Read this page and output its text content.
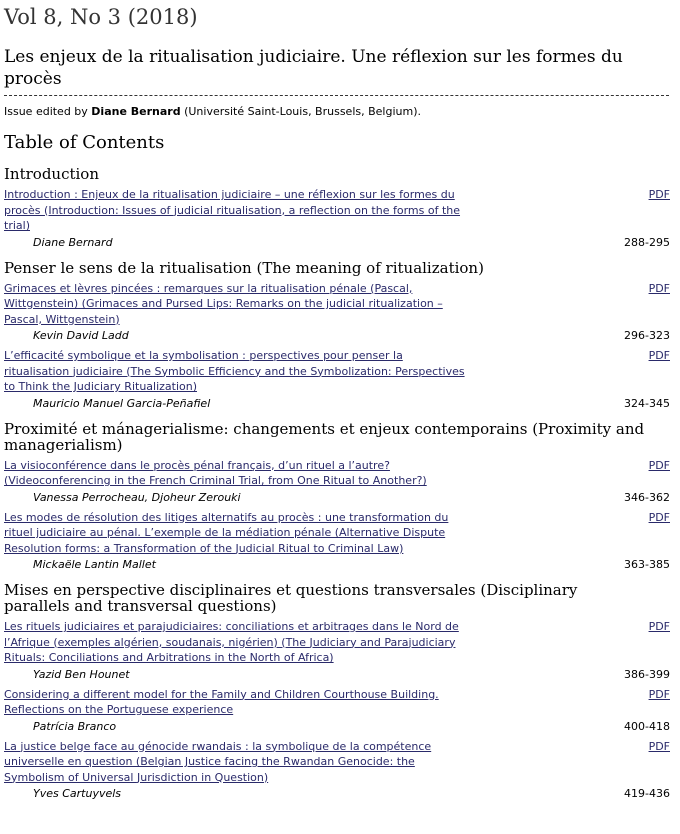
Vol 8, No 3 (2018)
Les enjeux de la ritualisation judiciaire. Une réflexion sur les formes du procès
Issue edited by Diane Bernard (Université Saint-Louis, Brussels, Belgium).
Table of Contents
Introduction
Introduction : Enjeux de la ritualisation judiciaire – une réflexion sur les formes du procès (Introduction: Issues of judicial ritualisation, a reflection on the forms of the trial)
PDF
Diane Bernard	288-295
Penser le sens de la ritualisation (The meaning of ritualization)
Grimaces et lèvres pincées : remarques sur la ritualisation pénale (Pascal, Wittgenstein) (Grimaces and Pursed Lips: Remarks on the judicial ritualization –Pascal, Wittgenstein)
PDF
Kevin David Ladd	296-323
L’efficacité symbolique et la symbolisation : perspectives pour penser la ritualisation judiciaire (The Symbolic Efficiency and the Symbolization: Perspectives to Think the Judiciary Ritualization)
PDF
Mauricio Manuel Garcia-Peñafiel	324-345
Proximité et mánagerialisme: changements et enjeux contemporains (Proximity and managerialism)
La visioconférence dans le procès pénal français, d’un rituel a l’autre? (Videoconferencing in the French Criminal Trial, from One Ritual to Another?)
PDF
Vanessa Perrocheau, Djoheur Zerouki	346-362
Les modes de résolution des litiges alternatifs au procès : une transformation du rituel judiciaire au pénal. L’exemple de la médiation pénale (Alternative Dispute Resolution forms: a Transformation of the Judicial Ritual to Criminal Law)
PDF
Mickaële Lantin Mallet	363-385
Mises en perspective disciplinaires et questions transversales (Disciplinary parallels and transversal questions)
Les rituels judiciaires et parajudiciaires: conciliations et arbitrages dans le Nord de l’Afrique (exemples algérien, soudanais, nigérien) (The Judiciary and Parajudiciary Rituals: Conciliations and Arbitrations in the North of Africa)
PDF
Yazid Ben Hounet	386-399
Considering a different model for the Family and Children Courthouse Building. Reflections on the Portuguese experience
PDF
Patrícia Branco	400-418
La justice belge face au génocide rwandais : la symbolique de la compétence universelle en question (Belgian Justice facing the Rwandan Genocide: the Symbolism of Universal Jurisdiction in Question)
PDF
Yves Cartuyvels	419-436
